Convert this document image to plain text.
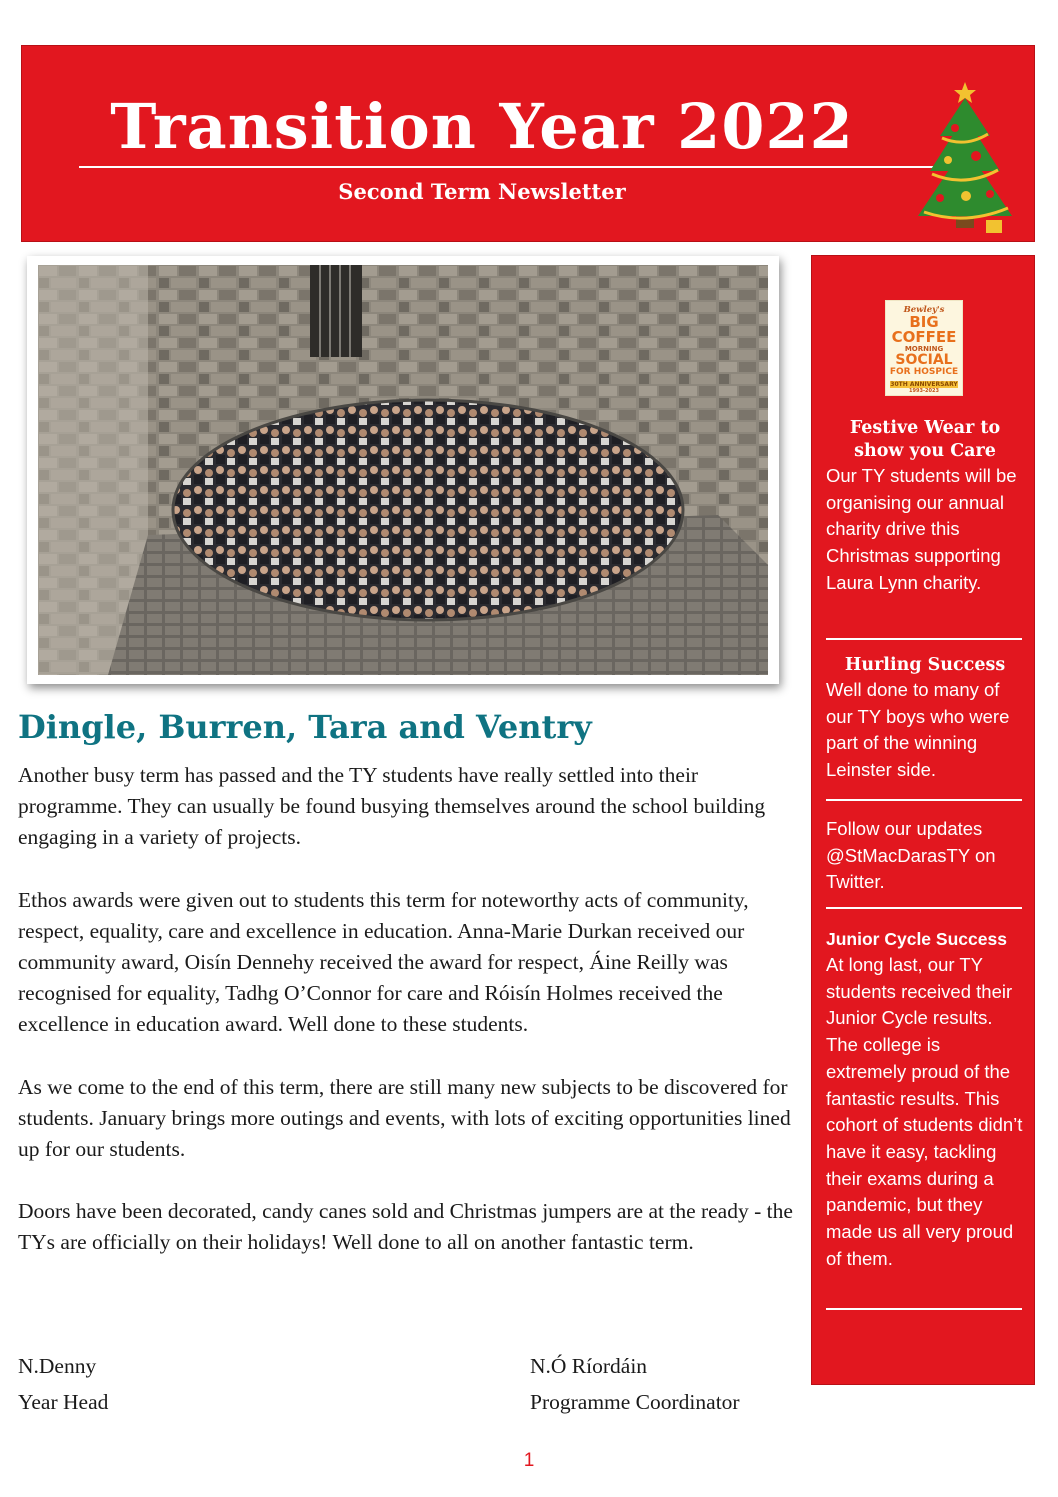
Transition Year 2022
Second Term Newsletter
Dingle, Burren, Tara and Ventry

Another busy term has passed and the TY students have really settled into their programme. They can usually be found busying themselves around the school building engaging in a variety of projects.

Ethos awards were given out to students this term for noteworthy acts of community, respect, equality, care and excellence in education. Anna-Marie Durkan received our community award, Oisín Dennehy received the award for respect, Áine Reilly was recognised for equality, Tadhg O’Connor for care and Róisín Holmes received the excellence in education award. Well done to these students.

As we come to the end of this term, there are still many new subjects to be discovered for students. January brings more outings and events, with lots of exciting opportunities lined up for our students.

Doors have been decorated, candy canes sold and Christmas jumpers are at the ready - the TYs are officially on their holidays! Well done to all on another fantastic term.

N.Denny
Year Head
N.Ó Ríordáin
Programme Coordinator
1
Bewley's
BIG
COFFEE
MORNING
SOCIAL
FOR HOSPICE
30TH ANNIVERSARY
1993-2023
Festive Wear to show you Care
Our TY students will be organising our annual charity drive this Christmas supporting Laura Lynn charity.
Hurling Success
Well done to many of our TY boys who were part of the winning Leinster side.
Follow our updates @StMacDarasTY on Twitter.
Junior Cycle Success
At long last, our TY students received their Junior Cycle results. The college is extremely proud of the fantastic results. This cohort of students didn’t have it easy, tackling their exams during a pandemic, but they made us all very proud of them.
